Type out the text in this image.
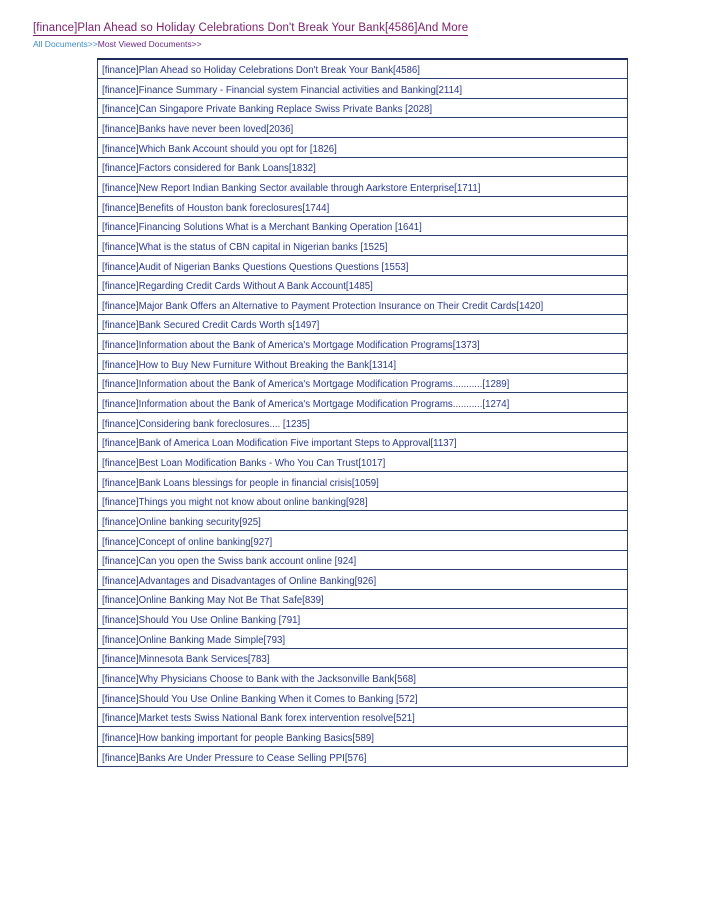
[finance]Plan Ahead so Holiday Celebrations Don't Break Your Bank[4586]And More
All Documents>>Most Viewed Documents>>
[finance]Plan Ahead so Holiday Celebrations Don't Break Your Bank[4586]
[finance]Finance Summary - Financial system Financial activities and Banking[2114]
[finance]Can Singapore Private Banking Replace Swiss Private Banks [2028]
[finance]Banks have never been loved[2036]
[finance]Which Bank Account should you opt for [1826]
[finance]Factors considered for Bank Loans[1832]
[finance]New Report Indian Banking Sector available through Aarkstore Enterprise[1711]
[finance]Benefits of Houston bank foreclosures[1744]
[finance]Financing Solutions What is a Merchant Banking Operation [1641]
[finance]What is the status of CBN capital in Nigerian banks [1525]
[finance]Audit of Nigerian Banks Questions Questions Questions [1553]
[finance]Regarding Credit Cards Without A Bank Account[1485]
[finance]Major Bank Offers an Alternative to Payment Protection Insurance on Their Credit Cards[1420]
[finance]Bank Secured Credit Cards Worth s[1497]
[finance]Information about the Bank of America's Mortgage Modification Programs[1373]
[finance]How to Buy New Furniture Without Breaking the Bank[1314]
[finance]Information about the Bank of America's Mortgage Modification Programs...........[1289]
[finance]Information about the Bank of America's Mortgage Modification Programs...........[1274]
[finance]Considering bank foreclosures.... [1235]
[finance]Bank of America Loan Modification Five important Steps to Approval[1137]
[finance]Best Loan Modification Banks - Who You Can Trust[1017]
[finance]Bank Loans blessings for people in financial crisis[1059]
[finance]Things you might not know about online banking[928]
[finance]Online banking security[925]
[finance]Concept of online banking[927]
[finance]Can you open the Swiss bank account online [924]
[finance]Advantages and Disadvantages of Online Banking[926]
[finance]Online Banking May Not Be That Safe[839]
[finance]Should You Use Online Banking [791]
[finance]Online Banking Made Simple[793]
[finance]Minnesota Bank Services[783]
[finance]Why Physicians Choose to Bank with the Jacksonville Bank[568]
[finance]Should You Use Online Banking When it Comes to Banking [572]
[finance]Market tests Swiss National Bank forex intervention resolve[521]
[finance]How banking important for people Banking Basics[589]
[finance]Banks Are Under Pressure to Cease Selling PPI[576]
